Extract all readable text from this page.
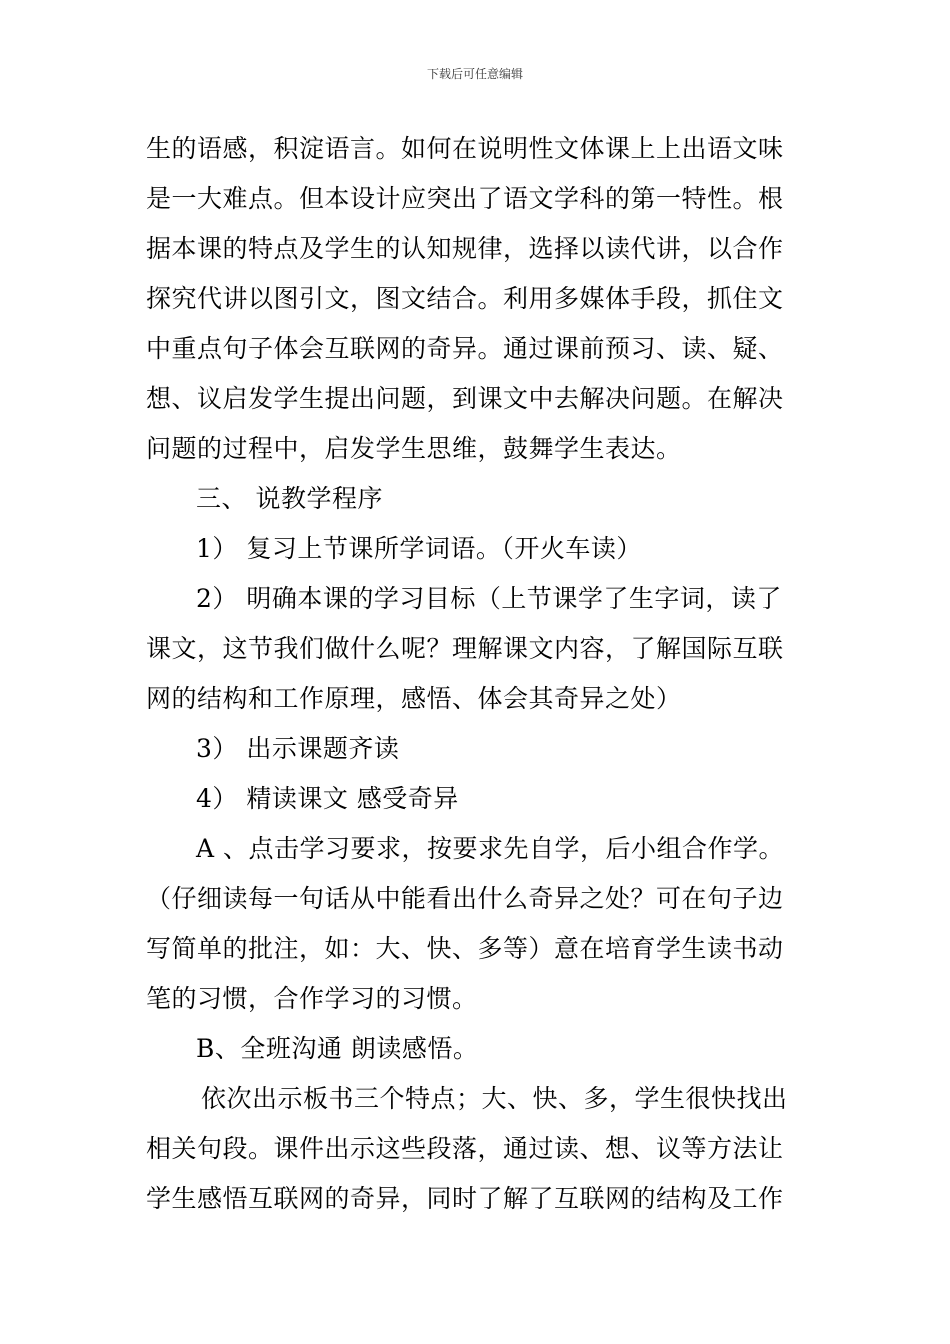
下载后可任意编辑
生的语感，积淀语言。如何在说明性文体课上上出语文味
是一大难点。但本设计应突出了语文学科的第一特性。根
据本课的特点及学生的认知规律，选择以读代讲，以合作
探究代讲以图引文，图文结合。利用多媒体手段，抓住文
中重点句子体会互联网的奇异。通过课前预习、读、疑、
想、议启发学生提出问题，到课文中去解决问题。在解决
问题的过程中，启发学生思维，鼓舞学生表达。
三、 说教学程序
1） 复习上节课所学词语。（开火车读）
2） 明确本课的学习目标（上节课学了生字词，读了
课文，这节我们做什么呢？理解课文内容，了解国际互联
网的结构和工作原理，感悟、体会其奇异之处）
3） 出示课题齐读
4） 精读课文 感受奇异
A 、点击学习要求，按要求先自学，后小组合作学。
（仔细读每一句话从中能看出什么奇异之处？可在句子边
写简单的批注，如：大、快、多等）意在培育学生读书动
笔的习惯，合作学习的习惯。
B、全班沟通 朗读感悟。
依次出示板书三个特点；大、快、多，学生很快找出
相关句段。课件出示这些段落，通过读、想、议等方法让
学生感悟互联网的奇异，同时了解了互联网的结构及工作
